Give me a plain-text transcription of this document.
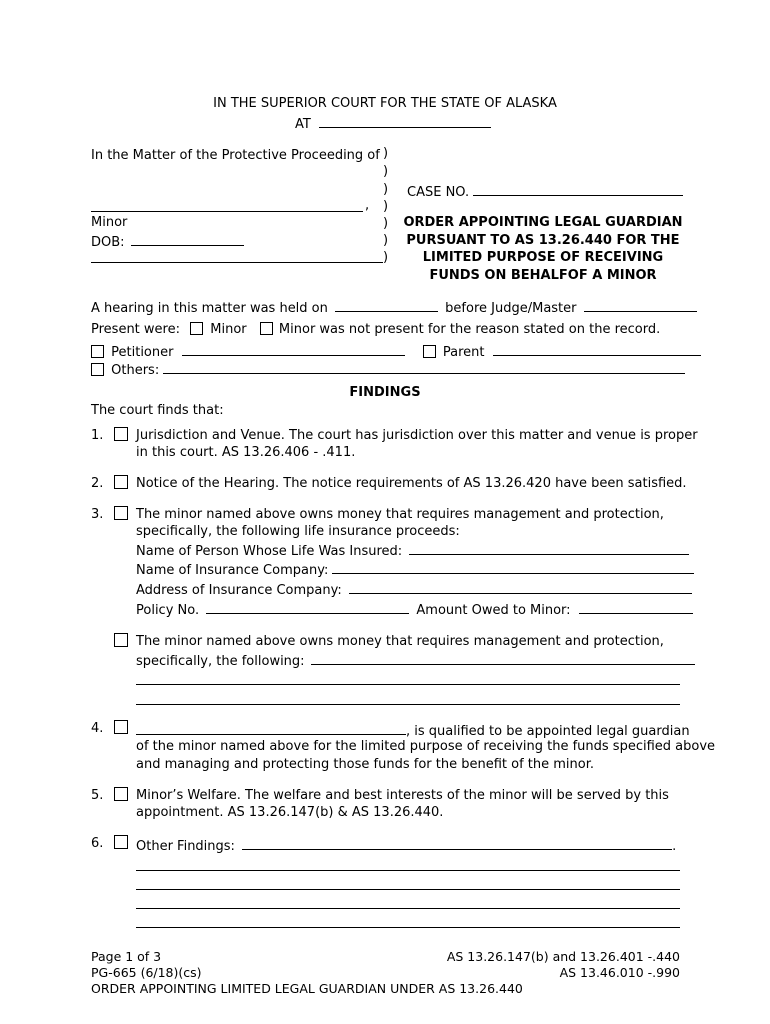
IN THE SUPERIOR COURT FOR THE STATE OF ALASKA
AT
In the Matter of the Protective Proceeding of
,
Minor
DOB:
)
)
)
)
)
)
)
CASE NO.
ORDER APPOINTING LEGAL GUARDIAN
PURSUANT TO AS 13.26.440 FOR THE
LIMITED PURPOSE OF RECEIVING
FUNDS ON BEHALFOF A MINOR
A hearing in this matter was held on	before Judge/Master
Present were: Minor Minor was not present for the reason stated on the record.
Petitioner	Parent
Others:
FINDINGS
The court finds that:
1.	Jurisdiction and Venue. The court has jurisdiction over this matter and venue is proper
in this court. AS 13.26.406 - .411.
2.	Notice of the Hearing. The notice requirements of AS 13.26.420 have been satisfied.
3.	The minor named above owns money that requires management and protection,
specifically, the following life insurance proceeds:
Name of Person Whose Life Was Insured:
Name of Insurance Company:
Address of Insurance Company:
Policy No.	Amount Owed to Minor:
The minor named above owns money that requires management and protection,
specifically, the following:
4.	, is qualified to be appointed legal guardian
of the minor named above for the limited purpose of receiving the funds specified above
and managing and protecting those funds for the benefit of the minor.
5.	Minor’s Welfare. The welfare and best interests of the minor will be served by this
appointment. AS 13.26.147(b) & AS 13.26.440.
6.	Other Findings:	.
Page 1 of 3
PG-665 (6/18)(cs)
ORDER APPOINTING LIMITED LEGAL GUARDIAN UNDER AS 13.26.440
AS 13.26.147(b) and 13.26.401 -.440
AS 13.46.010 -.990
